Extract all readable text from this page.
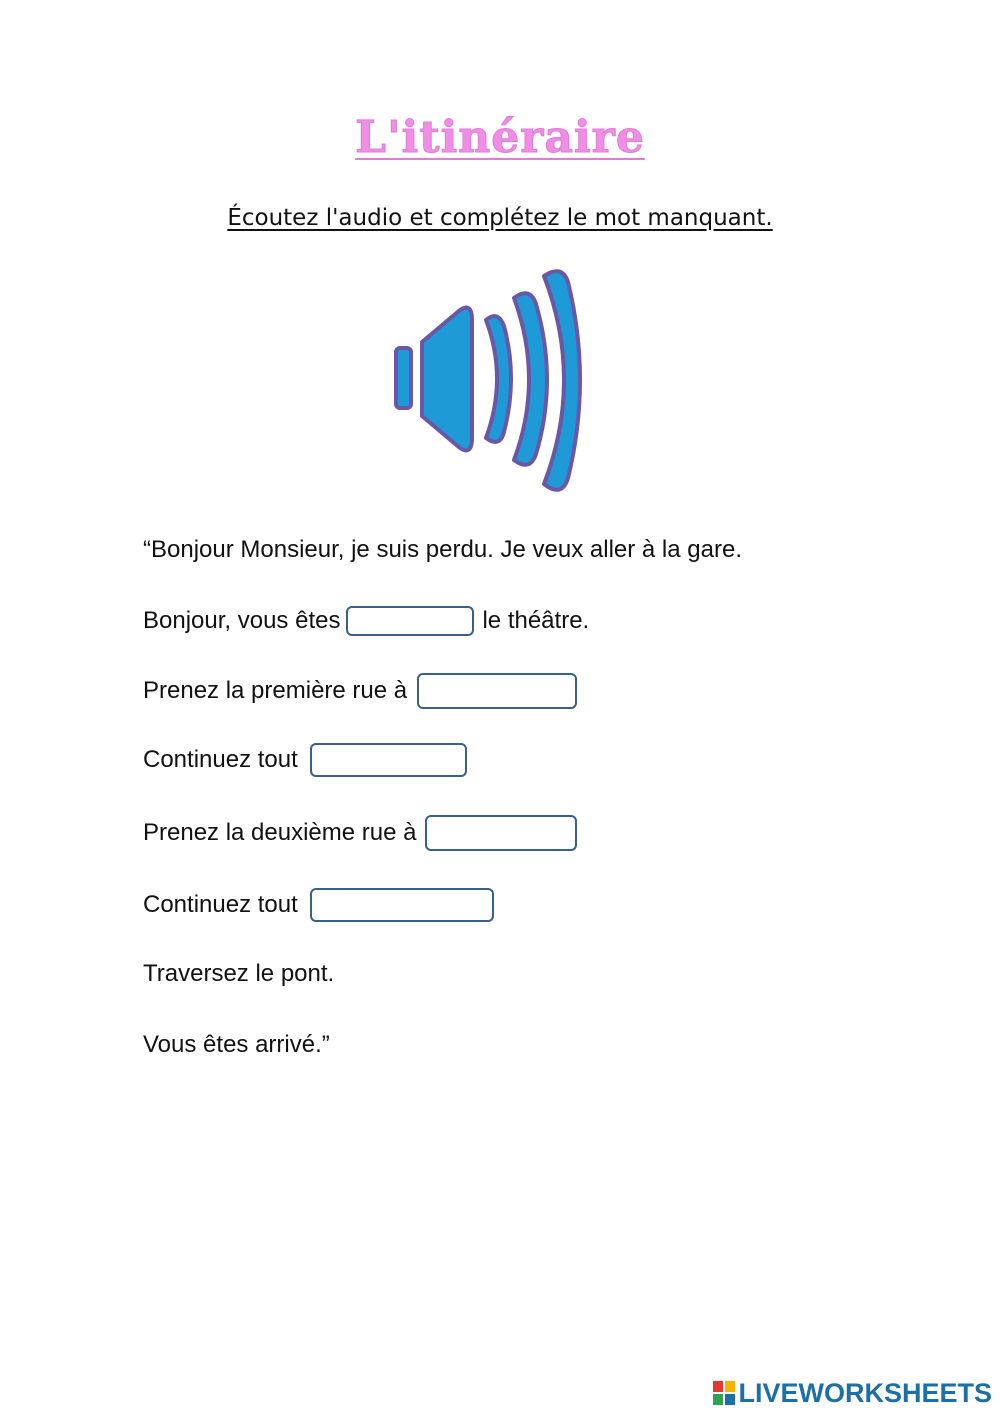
L'itinéraire
Écoutez l'audio et complétez le mot manquant.
“Bonjour Monsieur, je suis perdu. Je veux aller à la gare.
Bonjour, vous êtes	le théâtre.
Prenez la première rue à
Continuez tout
Prenez la deuxième rue à
Continuez tout
Traversez le pont.
Vous êtes arrivé.”
LIVEWORKSHEETS
